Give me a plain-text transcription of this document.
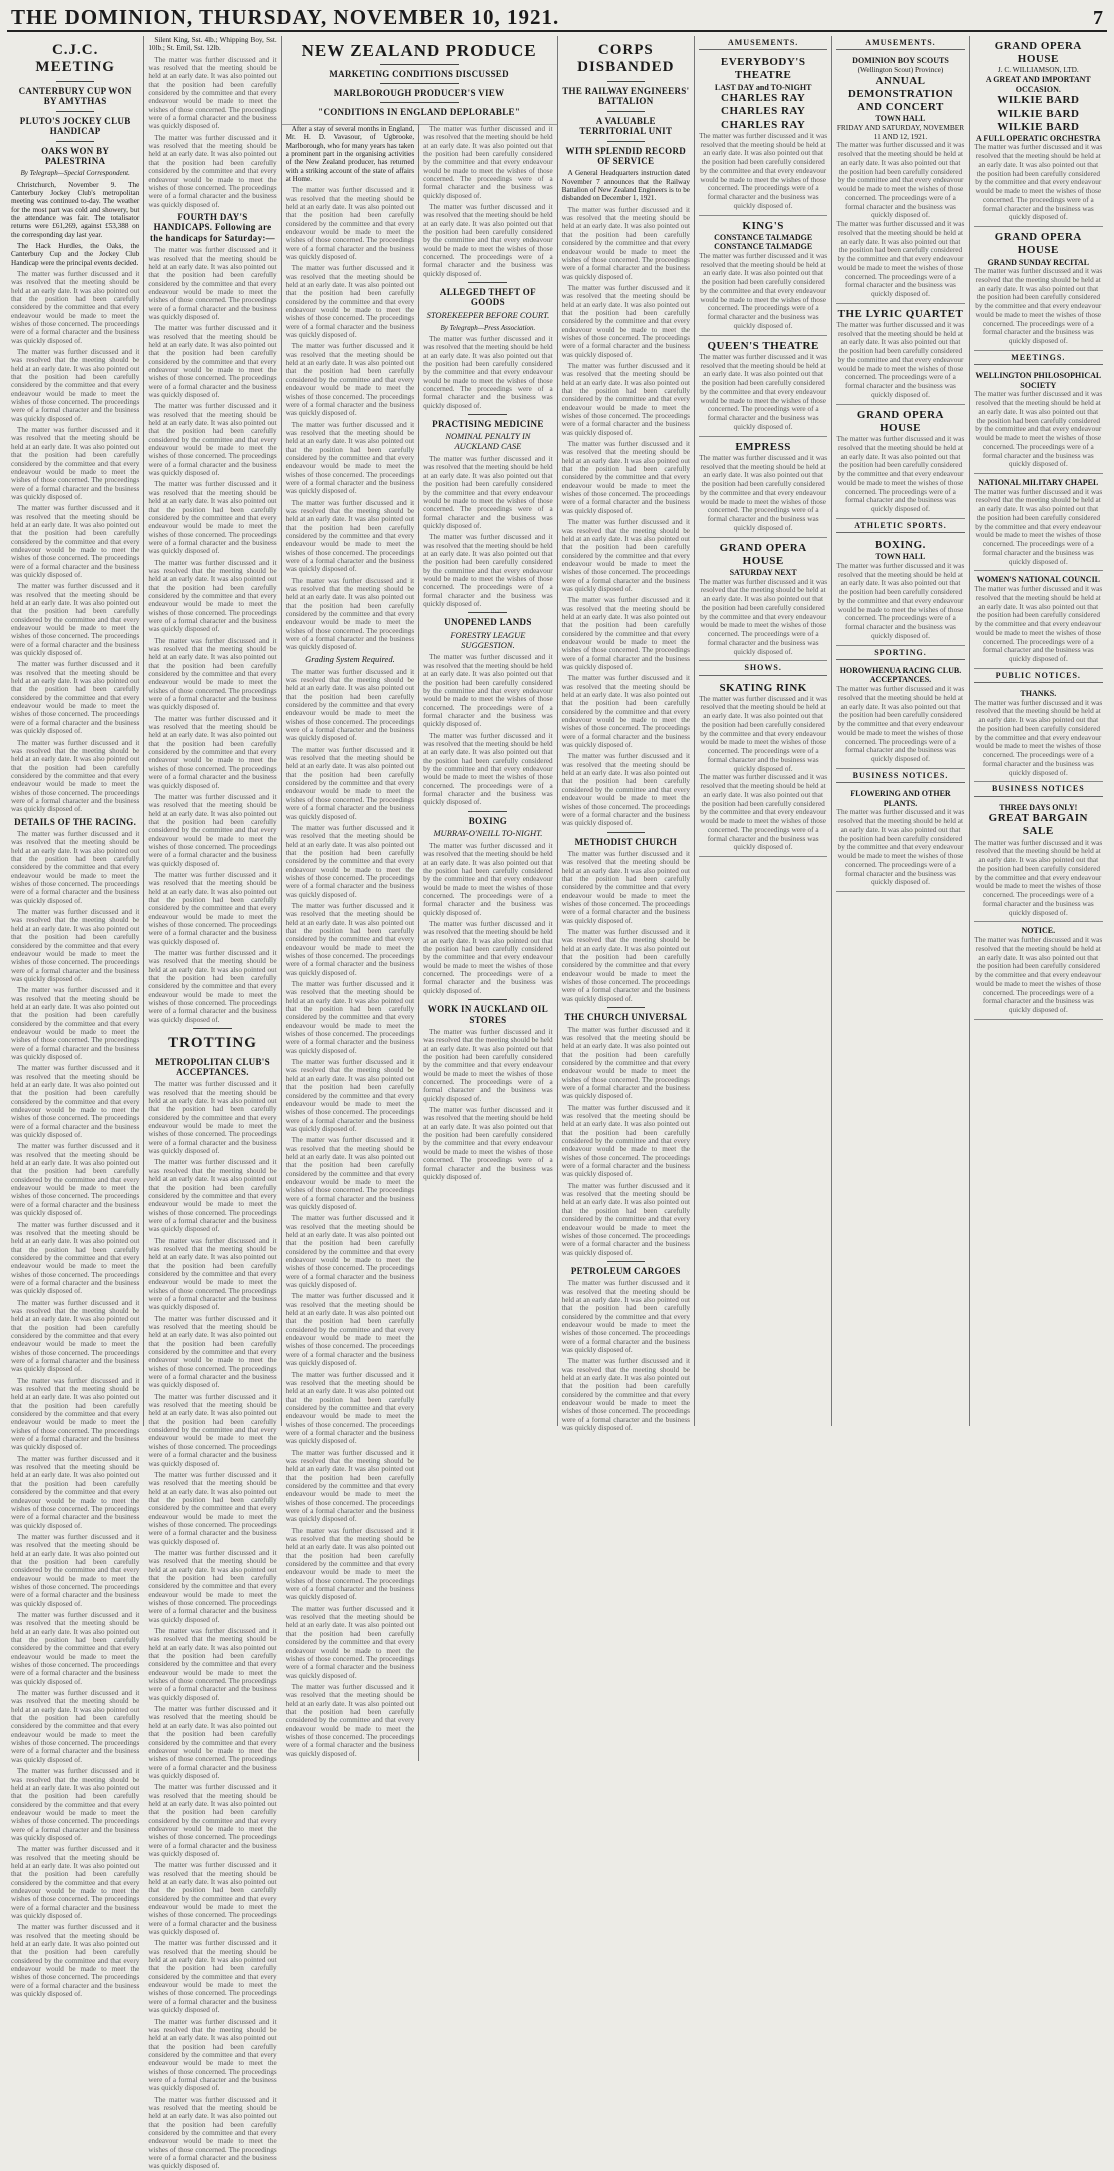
THE DOMINION, THURSDAY, NOVEMBER 10, 1921.	7
C.J.C. MEETING
CANTERBURY CUP WON BY AMYTHAS
PLUTO'S JOCKEY CLUB HANDICAP
OAKS WON BY PALESTRINA
By Telegraph—Special Correspondent.

Christchurch, November 9. The Canterbury Jockey Club's metropolitan meeting was continued to-day. The weather for the most part was cold and showery, but the attendance was fair. The totalisator returns were £61,269, against £53,388 on the corresponding day last year.

The Hack Hurdles, the Oaks, the Canterbury Cup and the Jockey Club Handicap were the principal events decided.

The matter was further discussed and it was resolved that the meeting should be held at an early date. It was also pointed out that the position had been carefully considered by the committee and that every endeavour would be made to meet the wishes of those concerned. The proceedings were of a formal character and the business was quickly disposed of.

The matter was further discussed and it was resolved that the meeting should be held at an early date. It was also pointed out that the position had been carefully considered by the committee and that every endeavour would be made to meet the wishes of those concerned. The proceedings were of a formal character and the business was quickly disposed of.

The matter was further discussed and it was resolved that the meeting should be held at an early date. It was also pointed out that the position had been carefully considered by the committee and that every endeavour would be made to meet the wishes of those concerned. The proceedings were of a formal character and the business was quickly disposed of.

The matter was further discussed and it was resolved that the meeting should be held at an early date. It was also pointed out that the position had been carefully considered by the committee and that every endeavour would be made to meet the wishes of those concerned. The proceedings were of a formal character and the business was quickly disposed of.

The matter was further discussed and it was resolved that the meeting should be held at an early date. It was also pointed out that the position had been carefully considered by the committee and that every endeavour would be made to meet the wishes of those concerned. The proceedings were of a formal character and the business was quickly disposed of.

The matter was further discussed and it was resolved that the meeting should be held at an early date. It was also pointed out that the position had been carefully considered by the committee and that every endeavour would be made to meet the wishes of those concerned. The proceedings were of a formal character and the business was quickly disposed of.

The matter was further discussed and it was resolved that the meeting should be held at an early date. It was also pointed out that the position had been carefully considered by the committee and that every endeavour would be made to meet the wishes of those concerned. The proceedings were of a formal character and the business was quickly disposed of.

DETAILS OF THE RACING.

The matter was further discussed and it was resolved that the meeting should be held at an early date. It was also pointed out that the position had been carefully considered by the committee and that every endeavour would be made to meet the wishes of those concerned. The proceedings were of a formal character and the business was quickly disposed of.

The matter was further discussed and it was resolved that the meeting should be held at an early date. It was also pointed out that the position had been carefully considered by the committee and that every endeavour would be made to meet the wishes of those concerned. The proceedings were of a formal character and the business was quickly disposed of.

The matter was further discussed and it was resolved that the meeting should be held at an early date. It was also pointed out that the position had been carefully considered by the committee and that every endeavour would be made to meet the wishes of those concerned. The proceedings were of a formal character and the business was quickly disposed of.

The matter was further discussed and it was resolved that the meeting should be held at an early date. It was also pointed out that the position had been carefully considered by the committee and that every endeavour would be made to meet the wishes of those concerned. The proceedings were of a formal character and the business was quickly disposed of.

The matter was further discussed and it was resolved that the meeting should be held at an early date. It was also pointed out that the position had been carefully considered by the committee and that every endeavour would be made to meet the wishes of those concerned. The proceedings were of a formal character and the business was quickly disposed of.

The matter was further discussed and it was resolved that the meeting should be held at an early date. It was also pointed out that the position had been carefully considered by the committee and that every endeavour would be made to meet the wishes of those concerned. The proceedings were of a formal character and the business was quickly disposed of.

The matter was further discussed and it was resolved that the meeting should be held at an early date. It was also pointed out that the position had been carefully considered by the committee and that every endeavour would be made to meet the wishes of those concerned. The proceedings were of a formal character and the business was quickly disposed of.

The matter was further discussed and it was resolved that the meeting should be held at an early date. It was also pointed out that the position had been carefully considered by the committee and that every endeavour would be made to meet the wishes of those concerned. The proceedings were of a formal character and the business was quickly disposed of.

The matter was further discussed and it was resolved that the meeting should be held at an early date. It was also pointed out that the position had been carefully considered by the committee and that every endeavour would be made to meet the wishes of those concerned. The proceedings were of a formal character and the business was quickly disposed of.

The matter was further discussed and it was resolved that the meeting should be held at an early date. It was also pointed out that the position had been carefully considered by the committee and that every endeavour would be made to meet the wishes of those concerned. The proceedings were of a formal character and the business was quickly disposed of.

The matter was further discussed and it was resolved that the meeting should be held at an early date. It was also pointed out that the position had been carefully considered by the committee and that every endeavour would be made to meet the wishes of those concerned. The proceedings were of a formal character and the business was quickly disposed of.

The matter was further discussed and it was resolved that the meeting should be held at an early date. It was also pointed out that the position had been carefully considered by the committee and that every endeavour would be made to meet the wishes of those concerned. The proceedings were of a formal character and the business was quickly disposed of.

The matter was further discussed and it was resolved that the meeting should be held at an early date. It was also pointed out that the position had been carefully considered by the committee and that every endeavour would be made to meet the wishes of those concerned. The proceedings were of a formal character and the business was quickly disposed of.

The matter was further discussed and it was resolved that the meeting should be held at an early date. It was also pointed out that the position had been carefully considered by the committee and that every endeavour would be made to meet the wishes of those concerned. The proceedings were of a formal character and the business was quickly disposed of.

The matter was further discussed and it was resolved that the meeting should be held at an early date. It was also pointed out that the position had been carefully considered by the committee and that every endeavour would be made to meet the wishes of those concerned. The proceedings were of a formal character and the business was quickly disposed of.

Silent King, Sst. 4lb.; Whipping Boy, Sst. 10lb.; St. Emil, Sst. 12lb.

The matter was further discussed and it was resolved that the meeting should be held at an early date. It was also pointed out that the position had been carefully considered by the committee and that every endeavour would be made to meet the wishes of those concerned. The proceedings were of a formal character and the business was quickly disposed of.

The matter was further discussed and it was resolved that the meeting should be held at an early date. It was also pointed out that the position had been carefully considered by the committee and that every endeavour would be made to meet the wishes of those concerned. The proceedings were of a formal character and the business was quickly disposed of.

FOURTH DAY'S HANDICAPS. Following are the handicaps for Saturday:—

The matter was further discussed and it was resolved that the meeting should be held at an early date. It was also pointed out that the position had been carefully considered by the committee and that every endeavour would be made to meet the wishes of those concerned. The proceedings were of a formal character and the business was quickly disposed of.

The matter was further discussed and it was resolved that the meeting should be held at an early date. It was also pointed out that the position had been carefully considered by the committee and that every endeavour would be made to meet the wishes of those concerned. The proceedings were of a formal character and the business was quickly disposed of.

The matter was further discussed and it was resolved that the meeting should be held at an early date. It was also pointed out that the position had been carefully considered by the committee and that every endeavour would be made to meet the wishes of those concerned. The proceedings were of a formal character and the business was quickly disposed of.

The matter was further discussed and it was resolved that the meeting should be held at an early date. It was also pointed out that the position had been carefully considered by the committee and that every endeavour would be made to meet the wishes of those concerned. The proceedings were of a formal character and the business was quickly disposed of.

The matter was further discussed and it was resolved that the meeting should be held at an early date. It was also pointed out that the position had been carefully considered by the committee and that every endeavour would be made to meet the wishes of those concerned. The proceedings were of a formal character and the business was quickly disposed of.

The matter was further discussed and it was resolved that the meeting should be held at an early date. It was also pointed out that the position had been carefully considered by the committee and that every endeavour would be made to meet the wishes of those concerned. The proceedings were of a formal character and the business was quickly disposed of.

The matter was further discussed and it was resolved that the meeting should be held at an early date. It was also pointed out that the position had been carefully considered by the committee and that every endeavour would be made to meet the wishes of those concerned. The proceedings were of a formal character and the business was quickly disposed of.

The matter was further discussed and it was resolved that the meeting should be held at an early date. It was also pointed out that the position had been carefully considered by the committee and that every endeavour would be made to meet the wishes of those concerned. The proceedings were of a formal character and the business was quickly disposed of.

The matter was further discussed and it was resolved that the meeting should be held at an early date. It was also pointed out that the position had been carefully considered by the committee and that every endeavour would be made to meet the wishes of those concerned. The proceedings were of a formal character and the business was quickly disposed of.

The matter was further discussed and it was resolved that the meeting should be held at an early date. It was also pointed out that the position had been carefully considered by the committee and that every endeavour would be made to meet the wishes of those concerned. The proceedings were of a formal character and the business was quickly disposed of.

TROTTING
METROPOLITAN CLUB'S ACCEPTANCES.

The matter was further discussed and it was resolved that the meeting should be held at an early date. It was also pointed out that the position had been carefully considered by the committee and that every endeavour would be made to meet the wishes of those concerned. The proceedings were of a formal character and the business was quickly disposed of.

The matter was further discussed and it was resolved that the meeting should be held at an early date. It was also pointed out that the position had been carefully considered by the committee and that every endeavour would be made to meet the wishes of those concerned. The proceedings were of a formal character and the business was quickly disposed of.

The matter was further discussed and it was resolved that the meeting should be held at an early date. It was also pointed out that the position had been carefully considered by the committee and that every endeavour would be made to meet the wishes of those concerned. The proceedings were of a formal character and the business was quickly disposed of.

The matter was further discussed and it was resolved that the meeting should be held at an early date. It was also pointed out that the position had been carefully considered by the committee and that every endeavour would be made to meet the wishes of those concerned. The proceedings were of a formal character and the business was quickly disposed of.

The matter was further discussed and it was resolved that the meeting should be held at an early date. It was also pointed out that the position had been carefully considered by the committee and that every endeavour would be made to meet the wishes of those concerned. The proceedings were of a formal character and the business was quickly disposed of.

The matter was further discussed and it was resolved that the meeting should be held at an early date. It was also pointed out that the position had been carefully considered by the committee and that every endeavour would be made to meet the wishes of those concerned. The proceedings were of a formal character and the business was quickly disposed of.

The matter was further discussed and it was resolved that the meeting should be held at an early date. It was also pointed out that the position had been carefully considered by the committee and that every endeavour would be made to meet the wishes of those concerned. The proceedings were of a formal character and the business was quickly disposed of.

The matter was further discussed and it was resolved that the meeting should be held at an early date. It was also pointed out that the position had been carefully considered by the committee and that every endeavour would be made to meet the wishes of those concerned. The proceedings were of a formal character and the business was quickly disposed of.

The matter was further discussed and it was resolved that the meeting should be held at an early date. It was also pointed out that the position had been carefully considered by the committee and that every endeavour would be made to meet the wishes of those concerned. The proceedings were of a formal character and the business was quickly disposed of.

The matter was further discussed and it was resolved that the meeting should be held at an early date. It was also pointed out that the position had been carefully considered by the committee and that every endeavour would be made to meet the wishes of those concerned. The proceedings were of a formal character and the business was quickly disposed of.

The matter was further discussed and it was resolved that the meeting should be held at an early date. It was also pointed out that the position had been carefully considered by the committee and that every endeavour would be made to meet the wishes of those concerned. The proceedings were of a formal character and the business was quickly disposed of.

The matter was further discussed and it was resolved that the meeting should be held at an early date. It was also pointed out that the position had been carefully considered by the committee and that every endeavour would be made to meet the wishes of those concerned. The proceedings were of a formal character and the business was quickly disposed of.

The matter was further discussed and it was resolved that the meeting should be held at an early date. It was also pointed out that the position had been carefully considered by the committee and that every endeavour would be made to meet the wishes of those concerned. The proceedings were of a formal character and the business was quickly disposed of.

The matter was further discussed and it was resolved that the meeting should be held at an early date. It was also pointed out that the position had been carefully considered by the committee and that every endeavour would be made to meet the wishes of those concerned. The proceedings were of a formal character and the business was quickly disposed of.

NEW ZEALAND PRODUCE
MARKETING CONDITIONS DISCUSSED
MARLBOROUGH PRODUCER'S VIEW
"CONDITIONS IN ENGLAND DEPLORABLE"

After a stay of several months in England, Mr. H. D. Vavasour, of Ugbrooke, Marlborough, who for many years has taken a prominent part in the organising activities of the New Zealand producer, has returned with a striking account of the state of affairs at Home.

The matter was further discussed and it was resolved that the meeting should be held at an early date. It was also pointed out that the position had been carefully considered by the committee and that every endeavour would be made to meet the wishes of those concerned. The proceedings were of a formal character and the business was quickly disposed of.

The matter was further discussed and it was resolved that the meeting should be held at an early date. It was also pointed out that the position had been carefully considered by the committee and that every endeavour would be made to meet the wishes of those concerned. The proceedings were of a formal character and the business was quickly disposed of.

The matter was further discussed and it was resolved that the meeting should be held at an early date. It was also pointed out that the position had been carefully considered by the committee and that every endeavour would be made to meet the wishes of those concerned. The proceedings were of a formal character and the business was quickly disposed of.

The matter was further discussed and it was resolved that the meeting should be held at an early date. It was also pointed out that the position had been carefully considered by the committee and that every endeavour would be made to meet the wishes of those concerned. The proceedings were of a formal character and the business was quickly disposed of.

The matter was further discussed and it was resolved that the meeting should be held at an early date. It was also pointed out that the position had been carefully considered by the committee and that every endeavour would be made to meet the wishes of those concerned. The proceedings were of a formal character and the business was quickly disposed of.

The matter was further discussed and it was resolved that the meeting should be held at an early date. It was also pointed out that the position had been carefully considered by the committee and that every endeavour would be made to meet the wishes of those concerned. The proceedings were of a formal character and the business was quickly disposed of.

Grading System Required.

The matter was further discussed and it was resolved that the meeting should be held at an early date. It was also pointed out that the position had been carefully considered by the committee and that every endeavour would be made to meet the wishes of those concerned. The proceedings were of a formal character and the business was quickly disposed of.

The matter was further discussed and it was resolved that the meeting should be held at an early date. It was also pointed out that the position had been carefully considered by the committee and that every endeavour would be made to meet the wishes of those concerned. The proceedings were of a formal character and the business was quickly disposed of.

The matter was further discussed and it was resolved that the meeting should be held at an early date. It was also pointed out that the position had been carefully considered by the committee and that every endeavour would be made to meet the wishes of those concerned. The proceedings were of a formal character and the business was quickly disposed of.

The matter was further discussed and it was resolved that the meeting should be held at an early date. It was also pointed out that the position had been carefully considered by the committee and that every endeavour would be made to meet the wishes of those concerned. The proceedings were of a formal character and the business was quickly disposed of.

The matter was further discussed and it was resolved that the meeting should be held at an early date. It was also pointed out that the position had been carefully considered by the committee and that every endeavour would be made to meet the wishes of those concerned. The proceedings were of a formal character and the business was quickly disposed of.

The matter was further discussed and it was resolved that the meeting should be held at an early date. It was also pointed out that the position had been carefully considered by the committee and that every endeavour would be made to meet the wishes of those concerned. The proceedings were of a formal character and the business was quickly disposed of.

The matter was further discussed and it was resolved that the meeting should be held at an early date. It was also pointed out that the position had been carefully considered by the committee and that every endeavour would be made to meet the wishes of those concerned. The proceedings were of a formal character and the business was quickly disposed of.

The matter was further discussed and it was resolved that the meeting should be held at an early date. It was also pointed out that the position had been carefully considered by the committee and that every endeavour would be made to meet the wishes of those concerned. The proceedings were of a formal character and the business was quickly disposed of.

The matter was further discussed and it was resolved that the meeting should be held at an early date. It was also pointed out that the position had been carefully considered by the committee and that every endeavour would be made to meet the wishes of those concerned. The proceedings were of a formal character and the business was quickly disposed of.

The matter was further discussed and it was resolved that the meeting should be held at an early date. It was also pointed out that the position had been carefully considered by the committee and that every endeavour would be made to meet the wishes of those concerned. The proceedings were of a formal character and the business was quickly disposed of.

The matter was further discussed and it was resolved that the meeting should be held at an early date. It was also pointed out that the position had been carefully considered by the committee and that every endeavour would be made to meet the wishes of those concerned. The proceedings were of a formal character and the business was quickly disposed of.

The matter was further discussed and it was resolved that the meeting should be held at an early date. It was also pointed out that the position had been carefully considered by the committee and that every endeavour would be made to meet the wishes of those concerned. The proceedings were of a formal character and the business was quickly disposed of.

The matter was further discussed and it was resolved that the meeting should be held at an early date. It was also pointed out that the position had been carefully considered by the committee and that every endeavour would be made to meet the wishes of those concerned. The proceedings were of a formal character and the business was quickly disposed of.

The matter was further discussed and it was resolved that the meeting should be held at an early date. It was also pointed out that the position had been carefully considered by the committee and that every endeavour would be made to meet the wishes of those concerned. The proceedings were of a formal character and the business was quickly disposed of.

The matter was further discussed and it was resolved that the meeting should be held at an early date. It was also pointed out that the position had been carefully considered by the committee and that every endeavour would be made to meet the wishes of those concerned. The proceedings were of a formal character and the business was quickly disposed of.

The matter was further discussed and it was resolved that the meeting should be held at an early date. It was also pointed out that the position had been carefully considered by the committee and that every endeavour would be made to meet the wishes of those concerned. The proceedings were of a formal character and the business was quickly disposed of.

ALLEGED THEFT OF GOODS
STOREKEEPER BEFORE COURT.
By Telegraph—Press Association.

The matter was further discussed and it was resolved that the meeting should be held at an early date. It was also pointed out that the position had been carefully considered by the committee and that every endeavour would be made to meet the wishes of those concerned. The proceedings were of a formal character and the business was quickly disposed of.

PRACTISING MEDICINE
NOMINAL PENALTY IN AUCKLAND CASE

The matter was further discussed and it was resolved that the meeting should be held at an early date. It was also pointed out that the position had been carefully considered by the committee and that every endeavour would be made to meet the wishes of those concerned. The proceedings were of a formal character and the business was quickly disposed of.

The matter was further discussed and it was resolved that the meeting should be held at an early date. It was also pointed out that the position had been carefully considered by the committee and that every endeavour would be made to meet the wishes of those concerned. The proceedings were of a formal character and the business was quickly disposed of.

UNOPENED LANDS
FORESTRY LEAGUE SUGGESTION.

The matter was further discussed and it was resolved that the meeting should be held at an early date. It was also pointed out that the position had been carefully considered by the committee and that every endeavour would be made to meet the wishes of those concerned. The proceedings were of a formal character and the business was quickly disposed of.

The matter was further discussed and it was resolved that the meeting should be held at an early date. It was also pointed out that the position had been carefully considered by the committee and that every endeavour would be made to meet the wishes of those concerned. The proceedings were of a formal character and the business was quickly disposed of.

BOXING
MURRAY-O'NEILL TO-NIGHT.

The matter was further discussed and it was resolved that the meeting should be held at an early date. It was also pointed out that the position had been carefully considered by the committee and that every endeavour would be made to meet the wishes of those concerned. The proceedings were of a formal character and the business was quickly disposed of.

The matter was further discussed and it was resolved that the meeting should be held at an early date. It was also pointed out that the position had been carefully considered by the committee and that every endeavour would be made to meet the wishes of those concerned. The proceedings were of a formal character and the business was quickly disposed of.

WORK IN AUCKLAND OIL STORES

The matter was further discussed and it was resolved that the meeting should be held at an early date. It was also pointed out that the position had been carefully considered by the committee and that every endeavour would be made to meet the wishes of those concerned. The proceedings were of a formal character and the business was quickly disposed of.

The matter was further discussed and it was resolved that the meeting should be held at an early date. It was also pointed out that the position had been carefully considered by the committee and that every endeavour would be made to meet the wishes of those concerned. The proceedings were of a formal character and the business was quickly disposed of.

CORPS DISBANDED
THE RAILWAY ENGINEERS' BATTALION
A VALUABLE TERRITORIAL UNIT
WITH SPLENDID RECORD OF SERVICE

A General Headquarters instruction dated November 7 announces that the Railway Battalion of New Zealand Engineers is to be disbanded on December 1, 1921.

The matter was further discussed and it was resolved that the meeting should be held at an early date. It was also pointed out that the position had been carefully considered by the committee and that every endeavour would be made to meet the wishes of those concerned. The proceedings were of a formal character and the business was quickly disposed of.

The matter was further discussed and it was resolved that the meeting should be held at an early date. It was also pointed out that the position had been carefully considered by the committee and that every endeavour would be made to meet the wishes of those concerned. The proceedings were of a formal character and the business was quickly disposed of.

The matter was further discussed and it was resolved that the meeting should be held at an early date. It was also pointed out that the position had been carefully considered by the committee and that every endeavour would be made to meet the wishes of those concerned. The proceedings were of a formal character and the business was quickly disposed of.

The matter was further discussed and it was resolved that the meeting should be held at an early date. It was also pointed out that the position had been carefully considered by the committee and that every endeavour would be made to meet the wishes of those concerned. The proceedings were of a formal character and the business was quickly disposed of.

The matter was further discussed and it was resolved that the meeting should be held at an early date. It was also pointed out that the position had been carefully considered by the committee and that every endeavour would be made to meet the wishes of those concerned. The proceedings were of a formal character and the business was quickly disposed of.

The matter was further discussed and it was resolved that the meeting should be held at an early date. It was also pointed out that the position had been carefully considered by the committee and that every endeavour would be made to meet the wishes of those concerned. The proceedings were of a formal character and the business was quickly disposed of.

The matter was further discussed and it was resolved that the meeting should be held at an early date. It was also pointed out that the position had been carefully considered by the committee and that every endeavour would be made to meet the wishes of those concerned. The proceedings were of a formal character and the business was quickly disposed of.

The matter was further discussed and it was resolved that the meeting should be held at an early date. It was also pointed out that the position had been carefully considered by the committee and that every endeavour would be made to meet the wishes of those concerned. The proceedings were of a formal character and the business was quickly disposed of.

METHODIST CHURCH

The matter was further discussed and it was resolved that the meeting should be held at an early date. It was also pointed out that the position had been carefully considered by the committee and that every endeavour would be made to meet the wishes of those concerned. The proceedings were of a formal character and the business was quickly disposed of.

The matter was further discussed and it was resolved that the meeting should be held at an early date. It was also pointed out that the position had been carefully considered by the committee and that every endeavour would be made to meet the wishes of those concerned. The proceedings were of a formal character and the business was quickly disposed of.

THE CHURCH UNIVERSAL

The matter was further discussed and it was resolved that the meeting should be held at an early date. It was also pointed out that the position had been carefully considered by the committee and that every endeavour would be made to meet the wishes of those concerned. The proceedings were of a formal character and the business was quickly disposed of.

The matter was further discussed and it was resolved that the meeting should be held at an early date. It was also pointed out that the position had been carefully considered by the committee and that every endeavour would be made to meet the wishes of those concerned. The proceedings were of a formal character and the business was quickly disposed of.

The matter was further discussed and it was resolved that the meeting should be held at an early date. It was also pointed out that the position had been carefully considered by the committee and that every endeavour would be made to meet the wishes of those concerned. The proceedings were of a formal character and the business was quickly disposed of.

PETROLEUM CARGOES

The matter was further discussed and it was resolved that the meeting should be held at an early date. It was also pointed out that the position had been carefully considered by the committee and that every endeavour would be made to meet the wishes of those concerned. The proceedings were of a formal character and the business was quickly disposed of.

The matter was further discussed and it was resolved that the meeting should be held at an early date. It was also pointed out that the position had been carefully considered by the committee and that every endeavour would be made to meet the wishes of those concerned. The proceedings were of a formal character and the business was quickly disposed of.

AMUSEMENTS.
EVERYBODY'S THEATRE
LAST DAY and TO-NIGHT
CHARLES RAY
CHARLES RAY
CHARLES RAY
The matter was further discussed and it was resolved that the meeting should be held at an early date. It was also pointed out that the position had been carefully considered by the committee and that every endeavour would be made to meet the wishes of those concerned. The proceedings were of a formal character and the business was quickly disposed of.
KING'S
CONSTANCE TALMADGE
CONSTANCE TALMADGE
The matter was further discussed and it was resolved that the meeting should be held at an early date. It was also pointed out that the position had been carefully considered by the committee and that every endeavour would be made to meet the wishes of those concerned. The proceedings were of a formal character and the business was quickly disposed of.
QUEEN'S THEATRE
The matter was further discussed and it was resolved that the meeting should be held at an early date. It was also pointed out that the position had been carefully considered by the committee and that every endeavour would be made to meet the wishes of those concerned. The proceedings were of a formal character and the business was quickly disposed of.
EMPRESS
The matter was further discussed and it was resolved that the meeting should be held at an early date. It was also pointed out that the position had been carefully considered by the committee and that every endeavour would be made to meet the wishes of those concerned. The proceedings were of a formal character and the business was quickly disposed of.
GRAND OPERA HOUSE
SATURDAY NEXT
The matter was further discussed and it was resolved that the meeting should be held at an early date. It was also pointed out that the position had been carefully considered by the committee and that every endeavour would be made to meet the wishes of those concerned. The proceedings were of a formal character and the business was quickly disposed of.
SHOWS.
SKATING RINK
The matter was further discussed and it was resolved that the meeting should be held at an early date. It was also pointed out that the position had been carefully considered by the committee and that every endeavour would be made to meet the wishes of those concerned. The proceedings were of a formal character and the business was quickly disposed of.
The matter was further discussed and it was resolved that the meeting should be held at an early date. It was also pointed out that the position had been carefully considered by the committee and that every endeavour would be made to meet the wishes of those concerned. The proceedings were of a formal character and the business was quickly disposed of.
AMUSEMENTS.
DOMINION BOY SCOUTS
(Wellington Scout) Province)
ANNUAL DEMONSTRATION AND CONCERT
TOWN HALL
FRIDAY AND SATURDAY, NOVEMBER 11 AND 12, 1921.
The matter was further discussed and it was resolved that the meeting should be held at an early date. It was also pointed out that the position had been carefully considered by the committee and that every endeavour would be made to meet the wishes of those concerned. The proceedings were of a formal character and the business was quickly disposed of.
The matter was further discussed and it was resolved that the meeting should be held at an early date. It was also pointed out that the position had been carefully considered by the committee and that every endeavour would be made to meet the wishes of those concerned. The proceedings were of a formal character and the business was quickly disposed of.
THE LYRIC QUARTET
The matter was further discussed and it was resolved that the meeting should be held at an early date. It was also pointed out that the position had been carefully considered by the committee and that every endeavour would be made to meet the wishes of those concerned. The proceedings were of a formal character and the business was quickly disposed of.
GRAND OPERA HOUSE
The matter was further discussed and it was resolved that the meeting should be held at an early date. It was also pointed out that the position had been carefully considered by the committee and that every endeavour would be made to meet the wishes of those concerned. The proceedings were of a formal character and the business was quickly disposed of.
ATHLETIC SPORTS.
BOXING.
TOWN HALL
The matter was further discussed and it was resolved that the meeting should be held at an early date. It was also pointed out that the position had been carefully considered by the committee and that every endeavour would be made to meet the wishes of those concerned. The proceedings were of a formal character and the business was quickly disposed of.
SPORTING.
HOROWHENUA RACING CLUB.
ACCEPTANCES.
The matter was further discussed and it was resolved that the meeting should be held at an early date. It was also pointed out that the position had been carefully considered by the committee and that every endeavour would be made to meet the wishes of those concerned. The proceedings were of a formal character and the business was quickly disposed of.
BUSINESS NOTICES.
FLOWERING AND OTHER PLANTS.
The matter was further discussed and it was resolved that the meeting should be held at an early date. It was also pointed out that the position had been carefully considered by the committee and that every endeavour would be made to meet the wishes of those concerned. The proceedings were of a formal character and the business was quickly disposed of.
GRAND OPERA HOUSE
J. C. WILLIAMSON, LTD.
A GREAT AND IMPORTANT OCCASION.
WILKIE BARD
WILKIE BARD
WILKIE BARD
A FULL OPERATIC ORCHESTRA
The matter was further discussed and it was resolved that the meeting should be held at an early date. It was also pointed out that the position had been carefully considered by the committee and that every endeavour would be made to meet the wishes of those concerned. The proceedings were of a formal character and the business was quickly disposed of.
GRAND OPERA HOUSE
GRAND SUNDAY RECITAL
The matter was further discussed and it was resolved that the meeting should be held at an early date. It was also pointed out that the position had been carefully considered by the committee and that every endeavour would be made to meet the wishes of those concerned. The proceedings were of a formal character and the business was quickly disposed of.
MEETINGS.
WELLINGTON PHILOSOPHICAL SOCIETY
The matter was further discussed and it was resolved that the meeting should be held at an early date. It was also pointed out that the position had been carefully considered by the committee and that every endeavour would be made to meet the wishes of those concerned. The proceedings were of a formal character and the business was quickly disposed of.
NATIONAL MILITARY CHAPEL
The matter was further discussed and it was resolved that the meeting should be held at an early date. It was also pointed out that the position had been carefully considered by the committee and that every endeavour would be made to meet the wishes of those concerned. The proceedings were of a formal character and the business was quickly disposed of.
WOMEN'S NATIONAL COUNCIL
The matter was further discussed and it was resolved that the meeting should be held at an early date. It was also pointed out that the position had been carefully considered by the committee and that every endeavour would be made to meet the wishes of those concerned. The proceedings were of a formal character and the business was quickly disposed of.
PUBLIC NOTICES.
THANKS.
The matter was further discussed and it was resolved that the meeting should be held at an early date. It was also pointed out that the position had been carefully considered by the committee and that every endeavour would be made to meet the wishes of those concerned. The proceedings were of a formal character and the business was quickly disposed of.
BUSINESS NOTICES
THREE DAYS ONLY!
GREAT BARGAIN SALE
The matter was further discussed and it was resolved that the meeting should be held at an early date. It was also pointed out that the position had been carefully considered by the committee and that every endeavour would be made to meet the wishes of those concerned. The proceedings were of a formal character and the business was quickly disposed of.
NOTICE.
The matter was further discussed and it was resolved that the meeting should be held at an early date. It was also pointed out that the position had been carefully considered by the committee and that every endeavour would be made to meet the wishes of those concerned. The proceedings were of a formal character and the business was quickly disposed of.
